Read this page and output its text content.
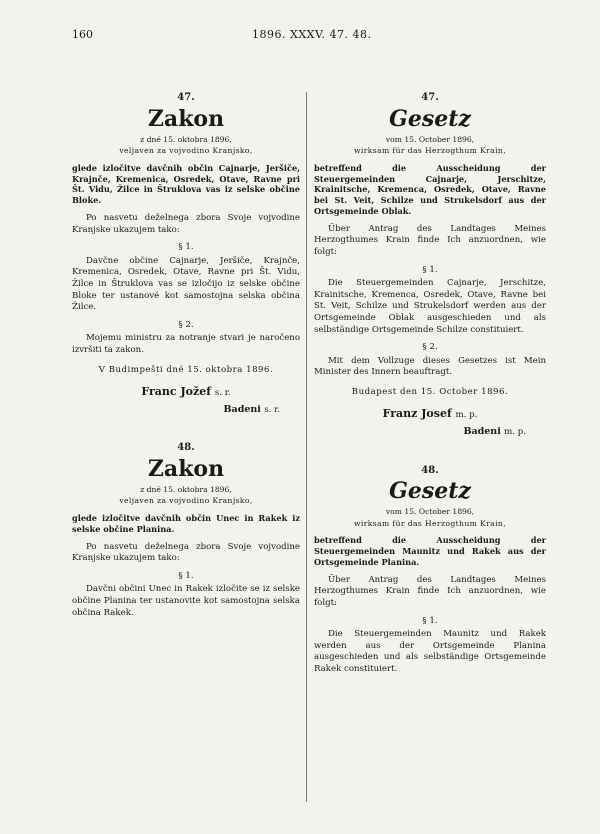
160	1896. XXXV. 47. 48.
47.
Zakon
z dné 15. oktobra 1896,
veljaven za vojvodino Kranjsko,
glede izločitve davčnih občin Cajnarje, Jeršiče, Krajnče, Kremenica, Osredek, Otave, Ravne pri Št. Vidu, Žilce in Štruklova vas iz selske občine Bloke.
Po nasvetu deželnega zbora Svoje vojvodine Kranjske ukazujem tako:
§ 1.
Davčne občine Cajnarje, Jeršiče, Krajnče, Kremenica, Osredek, Otave, Ravne pri Št. Vidu, Žilce in Štruklova vas se izločijo iz selske občine Bloke ter ustanové kot samostojna selska občina Žilce.
§ 2.
Mojemu ministru za notranje stvari je naročeno izvršiti ta zakon.
V Budimpešti dné 15. oktobra 1896.
Franc Jožef s. r.
Badeni s. r.
48.
Zakon
z dné 15. oktobra 1896,
veljaven za vojvodino Kranjsko,
glede izločitve davčnih občin Unec in Rakek iz selske občine Planina.
Po nasvetu deželnega zbora Svoje vojvodine Kranjske ukazujem tako:
§ 1.
Davčni občini Unec in Rakek izločite se iz selske občine Planina ter ustanovite kot samostojna selska občina Rakek.
47.
Gesetz
vom 15. October 1896,
wirksam für das Herzogthum Krain,
betreffend die Ausscheidung der Steuergemeinden Cajnarje, Jerschitze, Krainitsche, Kremenca, Osredek, Otave, Ravne bei St. Veit, Schilze und Strukelsdorf aus der Ortsgemeinde Oblak.
Über Antrag des Landtages Meines Herzogthumes Krain finde Ich anzuordnen, wie folgt:
§ 1.
Die Steuergemeinden Cajnarje, Jerschitze, Krainitsche, Kremenca, Osredek, Otave, Ravne bei St. Veit, Schilze und Strukelsdorf werden aus der Ortsgemeinde Oblak ausgeschieden und als selbständige Ortsgemeinde Schilze constituiert.
§ 2.
Mit dem Vollzuge dieses Gesetzes ist Mein Minister des Innern beauftragt.
Budapest den 15. October 1896.
Franz Josef m. p.
Badeni m. p.
48.
Gesetz
vom 15. October 1896,
wirksam für das Herzogthum Krain,
betreffend die Ausscheidung der Steuergemeinden Maunitz und Rakek aus der Ortsgemeinde Planina.
Über Antrag des Landtages Meines Herzogthumes Krain finde Ich anzuordnen, wie folgt:
§ 1.
Die Steuergemeinden Maunitz und Rakek werden aus der Ortsgemeinde Planina ausgeschieden und als selbständige Ortsgemeinde Rakek constituiert.
